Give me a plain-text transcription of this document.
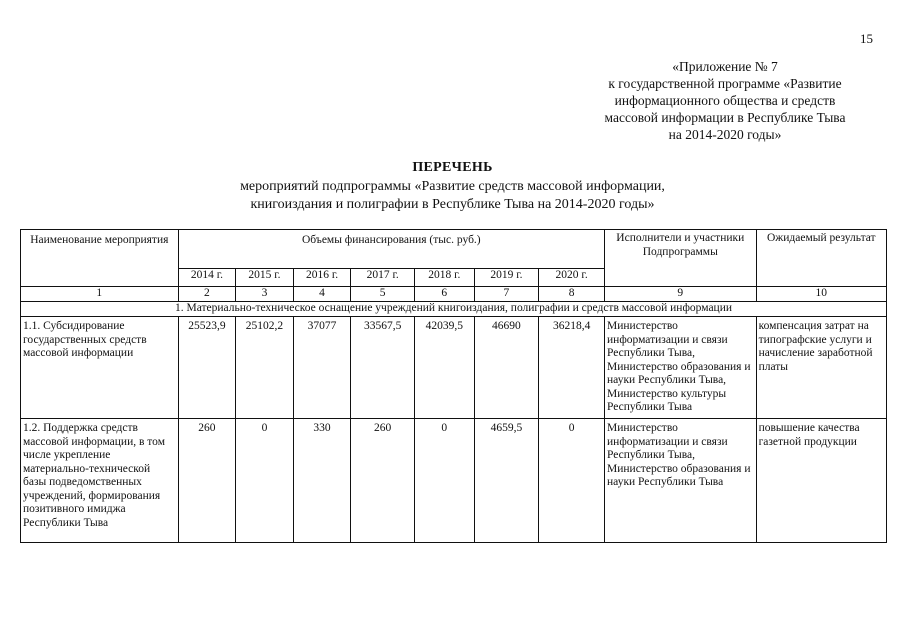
15
«Приложение № 7
к государственной программе «Развитие
информационного общества и средств
массовой информации в Республике Тыва
на 2014-2020 годы»
ПЕРЕЧЕНЬ
мероприятий подпрограммы «Развитие средств массовой информации,
книгоиздания и полиграфии в Республике Тыва на 2014-2020 годы»
Наименование мероприятия	Объемы финансирования (тыс. руб.)							Исполнители и участники Подпрограммы	Ожидаемый результат
	2014 г.	2015 г.	2016 г.	2017 г.	2018 г.	2019 г.	2020 г.		
1	2	3	4	5	6	7	8	9	10
1. Материально-техническое оснащение учреждений книгоиздания, полиграфии и средств массовой информации									
1.1. Субсидирование государственных средств массовой информации	25523,9	25102,2	37077	33567,5	42039,5	46690	36218,4	Министерство информатизации и связи Республики Тыва, Министерство образования и науки Республики Тыва, Министерство культуры Республики Тыва	компенсация затрат на типографские услуги и начисление заработной платы
1.2. Поддержка средств массовой информации, в том числе укрепление материально-технической базы подведомственных учреждений, формирования позитивного имиджа Республики Тыва	260	0	330	260	0	4659,5	0	Министерство информатизации и связи Республики Тыва, Министерство образования и науки Республики Тыва	повышение качества газетной продукции
